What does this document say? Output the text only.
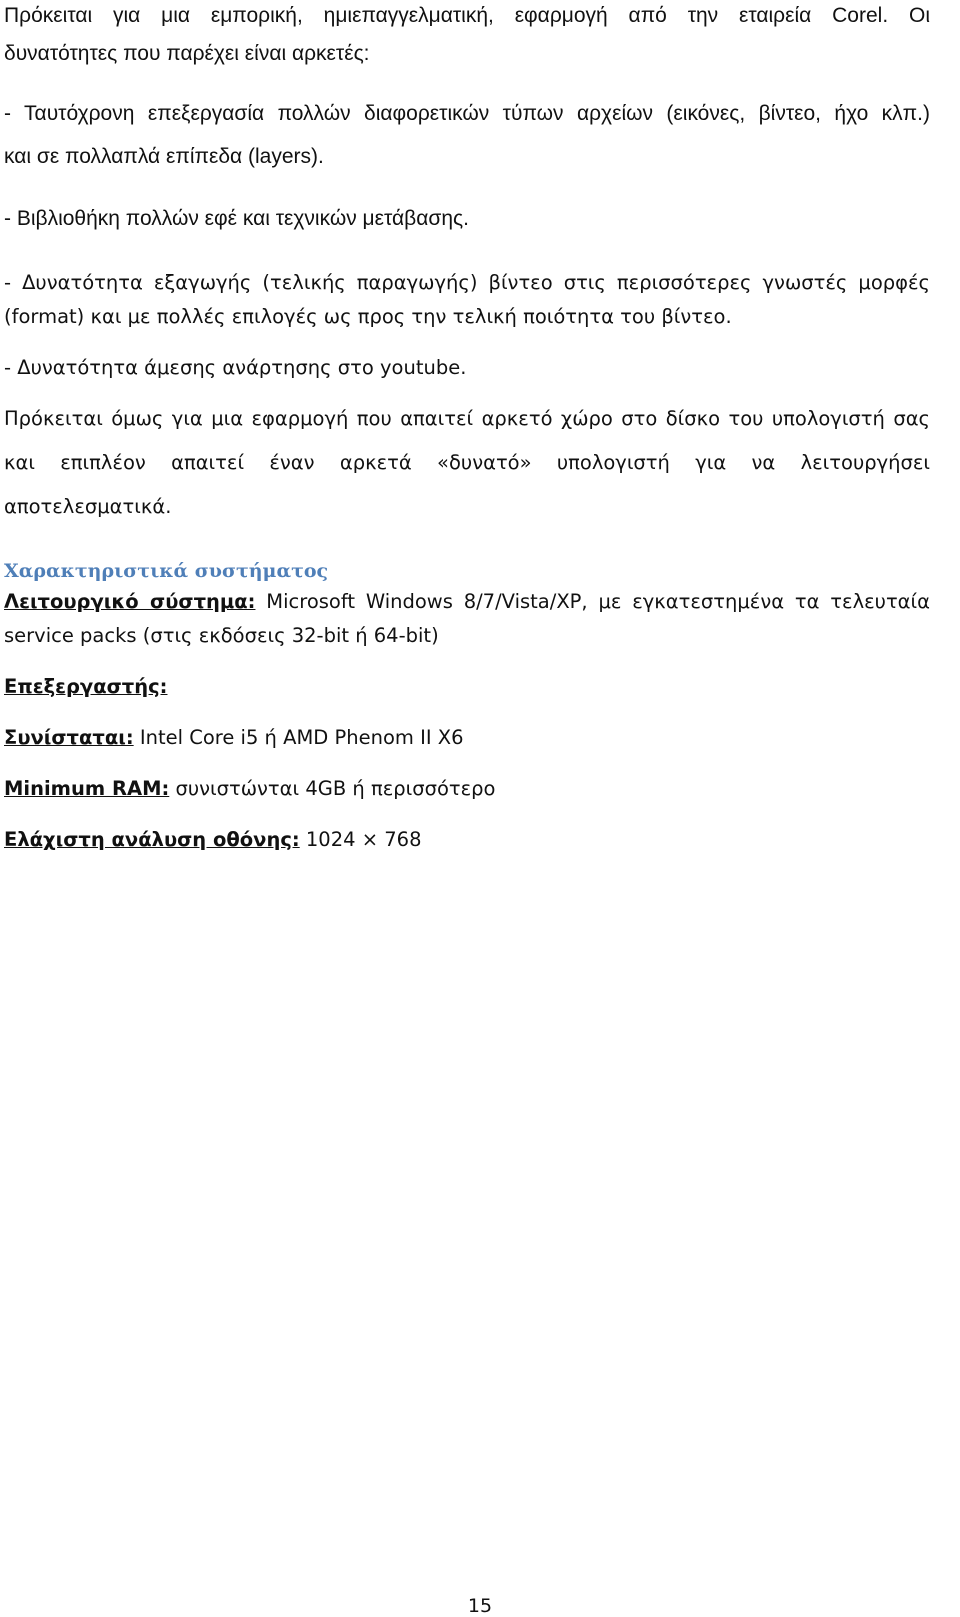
Πρόκειται για μια εμπορική, ημιεπαγγελματική, εφαρμογή από την εταιρεία Corel. Οι

δυνατότητες που παρέχει είναι αρκετές:

- Ταυτόχρονη επεξεργασία πολλών διαφορετικών τύπων αρχείων (εικόνες, βίντεο, ήχο κλπ.)

και σε πολλαπλά επίπεδα (layers).

- Βιβλιοθήκη πολλών εφέ και τεχνικών μετάβασης.

- Δυνατότητα εξαγωγής (τελικής παραγωγής) βίντεο στις περισσότερες γνωστές μορφές

(format) και με πολλές επιλογές ως προς την τελική ποιότητα του βίντεο.

- Δυνατότητα άμεσης ανάρτησης στο youtube.

Πρόκειται όμως για μια εφαρμογή που απαιτεί αρκετό χώρο στο δίσκο του υπολογιστή σας

και επιπλέον απαιτεί έναν αρκετά «δυνατό» υπολογιστή για να λειτουργήσει

αποτελεσματικά.

Χαρακτηριστικά συστήματος

Λειτουργικό σύστημα: Microsoft Windows 8/7/Vista/XP, με εγκατεστημένα τα τελευταία

service packs (στις εκδόσεις 32-bit ή 64-bit)

Επεξεργαστής:

Συνίσταται: Intel Core i5 ή AMD Phenom II X6

Minimum RAM: συνιστώνται 4GB ή περισσότερο

Ελάχιστη ανάλυση οθόνης: 1024 × 768

15
